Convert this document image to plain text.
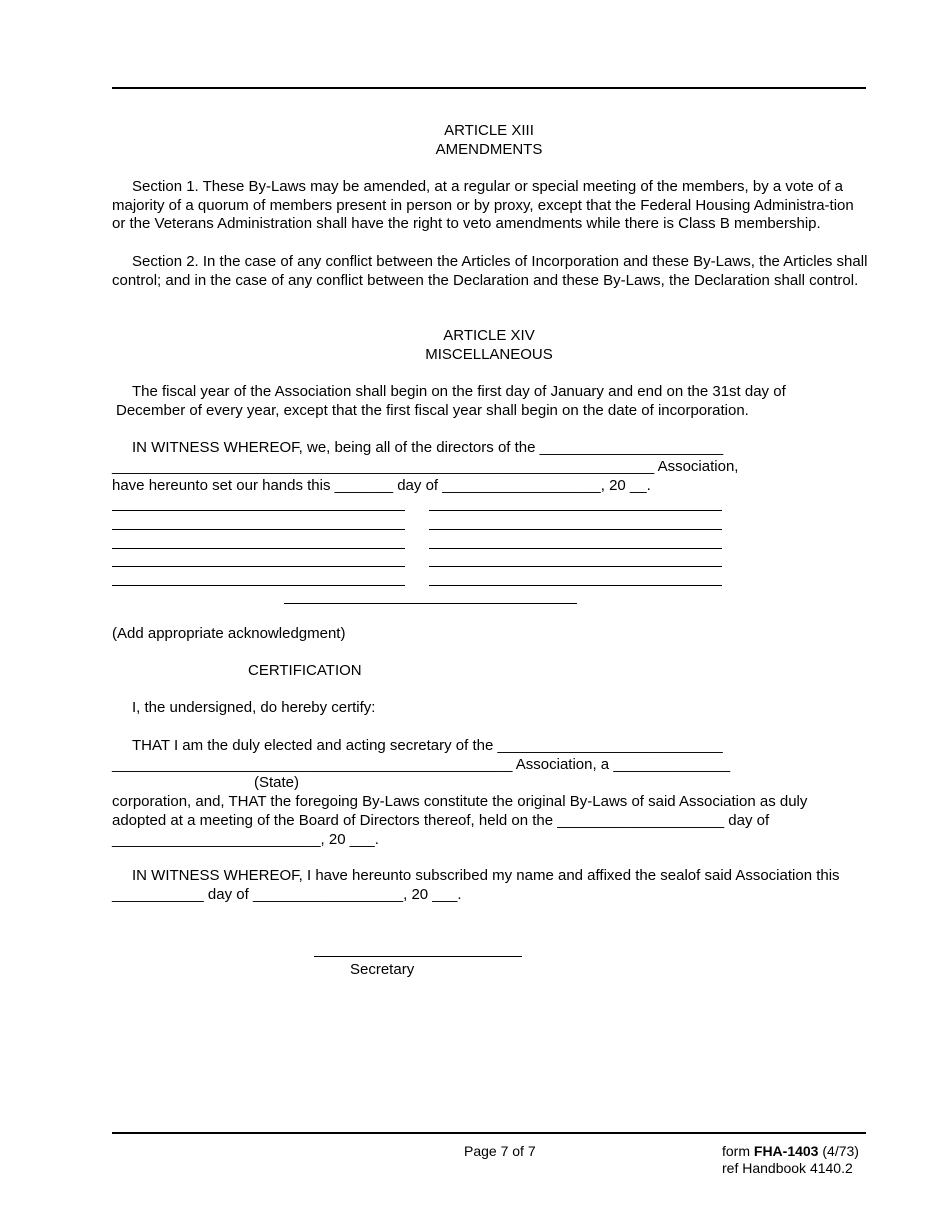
ARTICLE XIII
AMENDMENTS
Section 1. These By-Laws may be amended, at a regular or special meeting of the members, by a vote of a majority of a quorum of members present in person or by proxy, except that the Federal Housing Administra-tion or the Veterans Administration shall have the right to veto amendments while there is Class B membership.
Section 2. In the case of any conflict between the Articles of Incorporation and these By-Laws, the Articles shall control; and in the case of any conflict between the Declaration and these By-Laws, the Declaration shall control.
ARTICLE XIV
MISCELLANEOUS
The fiscal year of the Association shall begin on the first day of January and end on the 31st day of
December of every year, except that the first fiscal year shall begin on the date of incorporation.
IN WITNESS WHEREOF, we, being all of the directors of the ______________________
_________________________________________________________________ Association,
have hereunto set our hands this _______ day of ___________________, 20 __.
(Add appropriate acknowledgment)
CERTIFICATION
I, the undersigned, do hereby certify:
THAT I am the duly elected and acting secretary of the ___________________________
________________________________________________ Association, a ______________
(State)
corporation, and, THAT the foregoing By-Laws constitute the original By-Laws of said Association as duly
adopted at a meeting of the Board of Directors thereof, held on the ____________________ day of
_________________________, 20 ___.
IN WITNESS WHEREOF, I have hereunto subscribed my name and affixed the sealof said Association this
___________ day of __________________, 20 ___.
Secretary
Page 7 of 7	form FHA-1403 (4/73)
ref Handbook 4140.2
